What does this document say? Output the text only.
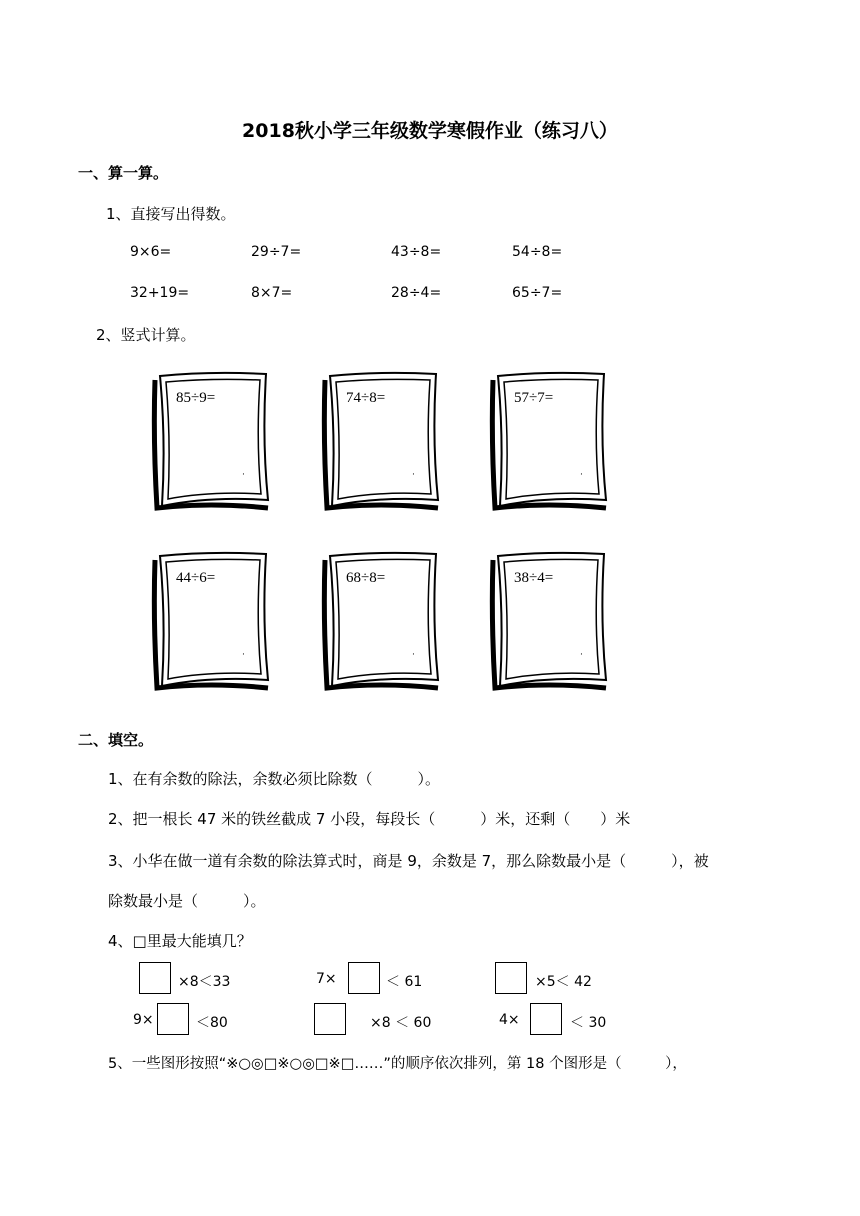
2018秋小学三年级数学寒假作业（练习八）
一、算一算。
1、直接写出得数。
9×6=	29÷7=	43÷8=	54÷8=
32+19=	8×7=	28÷4=	65÷7=
2、竖式计算。
85÷9=
·
74÷8=
·
57÷7=
·
44÷6=
·
68÷8=
·
38÷4=
·
二、填空。
1、在有余数的除法，余数必须比除数（　　　）。
2、把一根长 47 米的铁丝截成 7 小段，每段长（　　　）米，还剩（　　）米
3、小华在做一道有余数的除法算式时，商是 9，余数是 7，那么除数最小是（　　　），被
除数最小是（　　　）。
4、□里最大能填几？
×8＜33	7×	＜ 61	×5＜ 42
9×	＜80	×8 ＜ 60	4×	＜ 30
5、一些图形按照“※○◎□※○◎□※□……”的顺序依次排列，第 18 个图形是（　　　），
